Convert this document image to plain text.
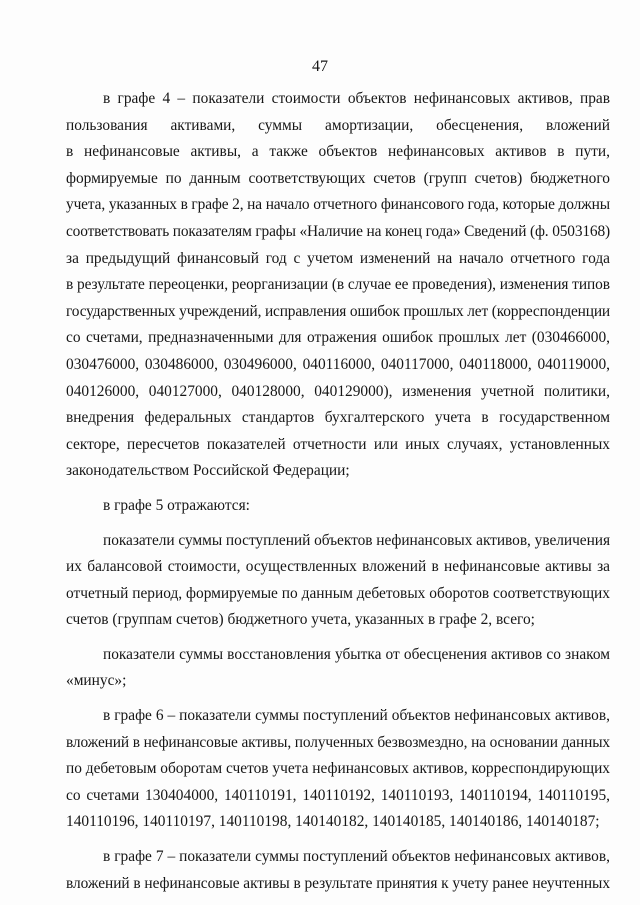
47
в графе 4 – показатели стоимости объектов нефинансовых активов, прав
пользования активами, суммы амортизации, обесценения, вложений
в нефинансовые активы, а также объектов нефинансовых активов в пути,
формируемые по данным соответствующих счетов (групп счетов) бюджетного
учета, указанных в графе 2, на начало отчетного финансового года, которые должны
соответствовать показателям графы «Наличие на конец года» Сведений (ф. 0503168)
за предыдущий финансовый год с учетом изменений на начало отчетного года
в результате переоценки, реорганизации (в случае ее проведения), изменения типов
государственных учреждений, исправления ошибок прошлых лет (корреспонденции
со счетами, предназначенными для отражения ошибок прошлых лет (030466000,
030476000, 030486000, 030496000, 040116000, 040117000, 040118000, 040119000,
040126000, 040127000, 040128000, 040129000), изменения учетной политики,
внедрения федеральных стандартов бухгалтерского учета в государственном
секторе, пересчетов показателей отчетности или иных случаях, установленных
законодательством Российской Федерации;
в графе 5 отражаются:
показатели суммы поступлений объектов нефинансовых активов, увеличения
их балансовой стоимости, осуществленных вложений в нефинансовые активы за
отчетный период, формируемые по данным дебетовых оборотов соответствующих
счетов (группам счетов) бюджетного учета, указанных в графе 2, всего;
показатели суммы восстановления убытка от обесценения активов со знаком
«минус»;
в графе 6 – показатели суммы поступлений объектов нефинансовых активов,
вложений в нефинансовые активы, полученных безвозмездно, на основании данных
по дебетовым оборотам счетов учета нефинансовых активов, корреспондирующих
со счетами 130404000, 140110191, 140110192, 140110193, 140110194, 140110195,
140110196, 140110197, 140110198, 140140182, 140140185, 140140186, 140140187;
в графе 7 – показатели суммы поступлений объектов нефинансовых активов,
вложений в нефинансовые активы в результате принятия к учету ранее неучтенных
